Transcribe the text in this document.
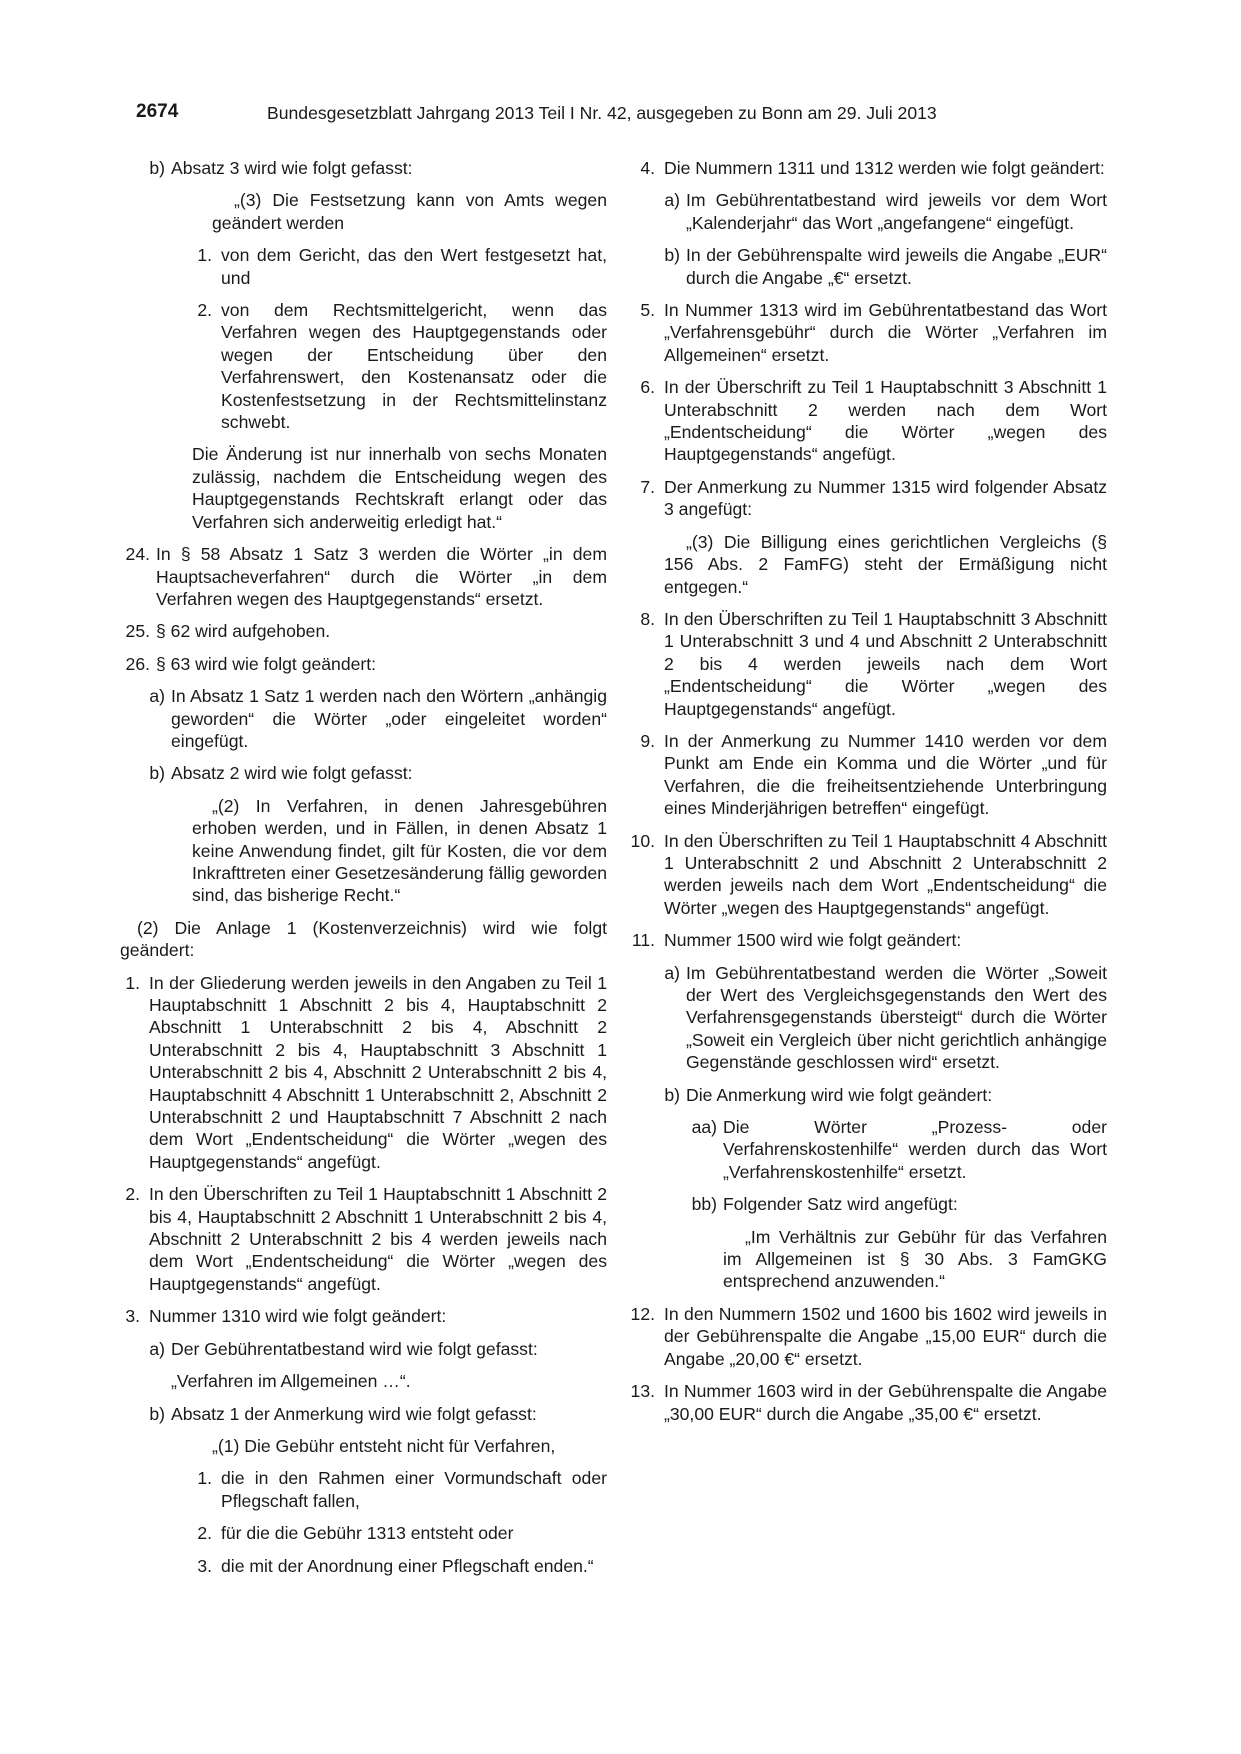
2674	Bundesgesetzblatt Jahrgang 2013 Teil I Nr. 42, ausgegeben zu Bonn am 29. Juli 2013
b) Absatz 3 wird wie folgt gefasst:

„(3) Die Festsetzung kann von Amts wegen geändert werden

1. von dem Gericht, das den Wert festgesetzt hat, und
2. von dem Rechtsmittelgericht, wenn das Verfahren wegen des Hauptgegenstands oder wegen der Entscheidung über den Verfahrenswert, den Kostenansatz oder die Kostenfestsetzung in der Rechtsmittelinstanz schwebt.

Die Änderung ist nur innerhalb von sechs Monaten zulässig, nachdem die Entscheidung wegen des Hauptgegenstands Rechtskraft erlangt oder das Verfahren sich anderweitig erledigt hat.“

24. In § 58 Absatz 1 Satz 3 werden die Wörter „in dem Hauptsacheverfahren“ durch die Wörter „in dem Verfahren wegen des Hauptgegenstands“ ersetzt.
25. § 62 wird aufgehoben.
26. § 63 wird wie folgt geändert:
a) In Absatz 1 Satz 1 werden nach den Wörtern „anhängig geworden“ die Wörter „oder eingeleitet worden“ eingefügt.
b) Absatz 2 wird wie folgt gefasst:

„(2) In Verfahren, in denen Jahresgebühren erhoben werden, und in Fällen, in denen Absatz 1 keine Anwendung findet, gilt für Kosten, die vor dem Inkrafttreten einer Gesetzesänderung fällig geworden sind, das bisherige Recht.“

(2) Die Anlage 1 (Kostenverzeichnis) wird wie folgt geändert:

1. In der Gliederung werden jeweils in den Angaben zu Teil 1 Hauptabschnitt 1 Abschnitt 2 bis 4, Hauptabschnitt 2 Abschnitt 1 Unterabschnitt 2 bis 4, Abschnitt 2 Unterabschnitt 2 bis 4, Hauptabschnitt 3 Abschnitt 1 Unterabschnitt 2 bis 4, Abschnitt 2 Unterabschnitt 2 bis 4, Hauptabschnitt 4 Abschnitt 1 Unterabschnitt 2, Abschnitt 2 Unterabschnitt 2 und Hauptabschnitt 7 Abschnitt 2 nach dem Wort „Endentscheidung“ die Wörter „wegen des Hauptgegenstands“ angefügt.
2. In den Überschriften zu Teil 1 Hauptabschnitt 1 Abschnitt 2 bis 4, Hauptabschnitt 2 Abschnitt 1 Unterabschnitt 2 bis 4, Abschnitt 2 Unterabschnitt 2 bis 4 werden jeweils nach dem Wort „Endentscheidung“ die Wörter „wegen des Hauptgegenstands“ angefügt.
3. Nummer 1310 wird wie folgt geändert:
a) Der Gebührentatbestand wird wie folgt gefasst:

„Verfahren im Allgemeinen …“.

b) Absatz 1 der Anmerkung wird wie folgt gefasst:

„(1) Die Gebühr entsteht nicht für Verfahren,

1. die in den Rahmen einer Vormundschaft oder Pflegschaft fallen,
2. für die die Gebühr 1313 entsteht oder
3. die mit der Anordnung einer Pflegschaft enden.“
4. Die Nummern 1311 und 1312 werden wie folgt geändert:
a) Im Gebührentatbestand wird jeweils vor dem Wort „Kalenderjahr“ das Wort „angefangene“ eingefügt.
b) In der Gebührenspalte wird jeweils die Angabe „EUR“ durch die Angabe „€“ ersetzt.
5. In Nummer 1313 wird im Gebührentatbestand das Wort „Verfahrensgebühr“ durch die Wörter „Verfahren im Allgemeinen“ ersetzt.
6. In der Überschrift zu Teil 1 Hauptabschnitt 3 Abschnitt 1 Unterabschnitt 2 werden nach dem Wort „Endentscheidung“ die Wörter „wegen des Hauptgegenstands“ angefügt.
7. Der Anmerkung zu Nummer 1315 wird folgender Absatz 3 angefügt:

„(3) Die Billigung eines gerichtlichen Vergleichs (§ 156 Abs. 2 FamFG) steht der Ermäßigung nicht entgegen.“

8. In den Überschriften zu Teil 1 Hauptabschnitt 3 Abschnitt 1 Unterabschnitt 3 und 4 und Abschnitt 2 Unterabschnitt 2 bis 4 werden jeweils nach dem Wort „Endentscheidung“ die Wörter „wegen des Hauptgegenstands“ angefügt.
9. In der Anmerkung zu Nummer 1410 werden vor dem Punkt am Ende ein Komma und die Wörter „und für Verfahren, die die freiheitsentziehende Unterbringung eines Minderjährigen betreffen“ eingefügt.
10. In den Überschriften zu Teil 1 Hauptabschnitt 4 Abschnitt 1 Unterabschnitt 2 und Abschnitt 2 Unterabschnitt 2 werden jeweils nach dem Wort „Endentscheidung“ die Wörter „wegen des Hauptgegenstands“ angefügt.
11. Nummer 1500 wird wie folgt geändert:
a) Im Gebührentatbestand werden die Wörter „Soweit der Wert des Vergleichsgegenstands den Wert des Verfahrensgegenstands übersteigt“ durch die Wörter „Soweit ein Vergleich über nicht gerichtlich anhängige Gegenstände geschlossen wird“ ersetzt.
b) Die Anmerkung wird wie folgt geändert:
aa) Die Wörter „Prozess- oder Verfahrenskostenhilfe“ werden durch das Wort „Verfahrenskostenhilfe“ ersetzt.
bb) Folgender Satz wird angefügt:

„Im Verhältnis zur Gebühr für das Verfahren im Allgemeinen ist § 30 Abs. 3 FamGKG entsprechend anzuwenden.“

12. In den Nummern 1502 und 1600 bis 1602 wird jeweils in der Gebührenspalte die Angabe „15,00 EUR“ durch die Angabe „20,00 €“ ersetzt.
13. In Nummer 1603 wird in der Gebührenspalte die Angabe „30,00 EUR“ durch die Angabe „35,00 €“ ersetzt.
